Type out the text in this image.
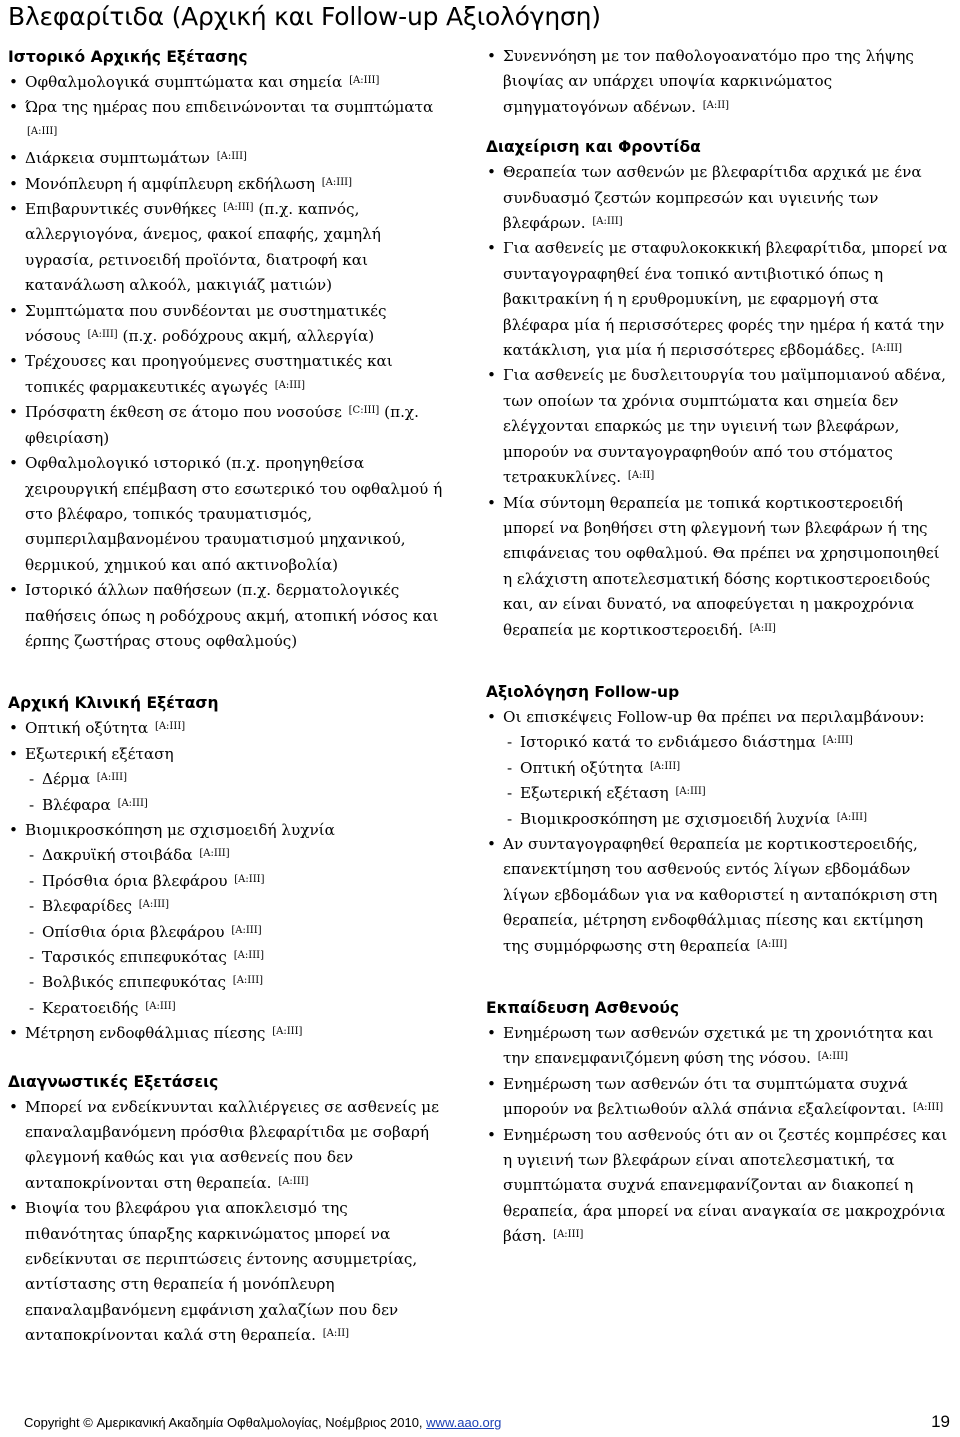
Βλεφαρίτιδα (Αρχική και Follow-up Αξιολόγηση)
Ιστορικό Αρχικής Εξέτασης
• Οφθαλμολογικά συμπτώματα και σημεία [A:III]
• Ώρα της ημέρας που επιδεινώνονται τα συμπτώματα [A:III]
• Διάρκεια συμπτωμάτων [A:III]
• Μονόπλευρη ή αμφίπλευρη εκδήλωση [A:III]
• Επιβαρυντικές συνθήκες [A:III] (π.χ. καπνός, αλλεργιογόνα, άνεμος, φακοί επαφής, χαμηλή υγρασία, ρετινοειδή προϊόντα, διατροφή και κατανάλωση αλκοόλ, μακιγιάζ ματιών)
• Συμπτώματα που συνδέονται με συστηματικές νόσους [A:III] (π.χ. ροδόχρους ακμή, αλλεργία)
• Τρέχουσες και προηγούμενες συστηματικές και τοπικές φαρμακευτικές αγωγές [A:III]
• Πρόσφατη έκθεση σε άτομο που νοσούσε [C:III] (π.χ. φθειρίαση)
• Οφθαλμολογικό ιστορικό (π.χ. προηγηθείσα χειρουργική επέμβαση στο εσωτερικό του οφθαλμού ή στο βλέφαρο, τοπικός τραυματισμός, συμπεριλαμβανομένου τραυματισμού μηχανικού, θερμικού, χημικού και από ακτινοβολία)
• Ιστορικό άλλων παθήσεων (π.χ. δερματολογικές παθήσεις όπως η ροδόχρους ακμή, ατοπική νόσος και έρπης ζωστήρας στους οφθαλμούς)
Αρχική Κλινική Εξέταση
• Οπτική οξύτητα [A:III]
• Εξωτερική εξέταση
- Δέρμα [A:III]
- Βλέφαρα [A:III]
• Βιομικροσκόπηση με σχισμοειδή λυχνία
- Δακρυϊκή στοιβάδα [A:III]
- Πρόσθια όρια βλεφάρου [A:III]
- Βλεφαρίδες [A:III]
- Οπίσθια όρια βλεφάρου [A:III]
- Ταρσικός επιπεφυκότας [A:III]
- Βολβικός επιπεφυκότας [A:III]
- Κερατοειδής [A:III]
• Μέτρηση ενδοφθάλμιας πίεσης [A:III]
Διαγνωστικές Εξετάσεις
• Μπορεί να ενδείκνυνται καλλιέργειες σε ασθενείς με επαναλαμβανόμενη πρόσθια βλεφαρίτιδα με σοβαρή φλεγμονή καθώς και για ασθενείς που δεν ανταποκρίνονται στη θεραπεία. [A:III]
• Βιοψία του βλεφάρου για αποκλεισμό της πιθανότητας ύπαρξης καρκινώματος μπορεί να ενδείκνυται σε περιπτώσεις έντονης ασυμμετρίας, αντίστασης στη θεραπεία ή μονόπλευρη επαναλαμβανόμενη εμφάνιση χαλαζίων που δεν ανταποκρίνονται καλά στη θεραπεία. [A:II]
• Συνεννόηση με τον παθολογοανατόμο προ της λήψης βιοψίας αν υπάρχει υποψία καρκινώματος σμηγματογόνων αδένων. [A:II]
Διαχείριση και Φροντίδα
• Θεραπεία των ασθενών με βλεφαρίτιδα αρχικά με ένα συνδυασμό ζεστών κομπρεσών και υγιεινής των βλεφάρων. [A:III]
• Για ασθενείς με σταφυλοκοκκική βλεφαρίτιδα, μπορεί να συνταγογραφηθεί ένα τοπικό αντιβιοτικό όπως η βακιτρακίνη ή η ερυθρομυκίνη, με εφαρμογή στα βλέφαρα μία ή περισσότερες φορές την ημέρα ή κατά την κατάκλιση, για μία ή περισσότερες εβδομάδες. [A:III]
• Για ασθενείς με δυσλειτουργία του μαϊμπομιανού αδένα, των οποίων τα χρόνια συμπτώματα και σημεία δεν ελέγχονται επαρκώς με την υγιεινή των βλεφάρων, μπορούν να συνταγογραφηθούν από του στόματος τετρακυκλίνες. [A:II]
• Μία σύντομη θεραπεία με τοπικά κορτικοστεροειδή μπορεί να βοηθήσει στη φλεγμονή των βλεφάρων ή της επιφάνειας του οφθαλμού. Θα πρέπει να χρησιμοποιηθεί η ελάχιστη αποτελεσματική δόσης κορτικοστεροειδούς και, αν είναι δυνατό, να αποφεύγεται η μακροχρόνια θεραπεία με κορτικοστεροειδή. [A:II]
Αξιολόγηση Follow-up
• Οι επισκέψεις Follow-up θα πρέπει να περιλαμβάνουν:
- Ιστορικό κατά το ενδιάμεσο διάστημα [A:III]
- Οπτική οξύτητα [A:III]
- Εξωτερική εξέταση [A:III]
- Βιομικροσκόπηση με σχισμοειδή λυχνία [A:III]
• Αν συνταγογραφηθεί θεραπεία με κορτικοστεροειδής, επανεκτίμηση του ασθενούς εντός λίγων εβδομάδων λίγων εβδομάδων για να καθοριστεί η ανταπόκριση στη θεραπεία, μέτρηση ενδοφθάλμιας πίεσης και εκτίμηση της συμμόρφωσης στη θεραπεία [A:III]
Εκπαίδευση Ασθενούς
• Ενημέρωση των ασθενών σχετικά με τη χρονιότητα και την επανεμφανιζόμενη φύση της νόσου. [A:III]
• Ενημέρωση των ασθενών ότι τα συμπτώματα συχνά μπορούν να βελτιωθούν αλλά σπάνια εξαλείφονται. [A:III]
• Ενημέρωση του ασθενούς ότι αν οι ζεστές κομπρέσες και η υγιεινή των βλεφάρων είναι αποτελεσματική, τα συμπτώματα συχνά επανεμφανίζονται αν διακοπεί η θεραπεία, άρα μπορεί να είναι αναγκαία σε μακροχρόνια βάση. [A:III]
Copyright © Αμερικανική Ακαδημία Οφθαλμολογίας, Νοέμβριος 2010, www.aao.org	19
